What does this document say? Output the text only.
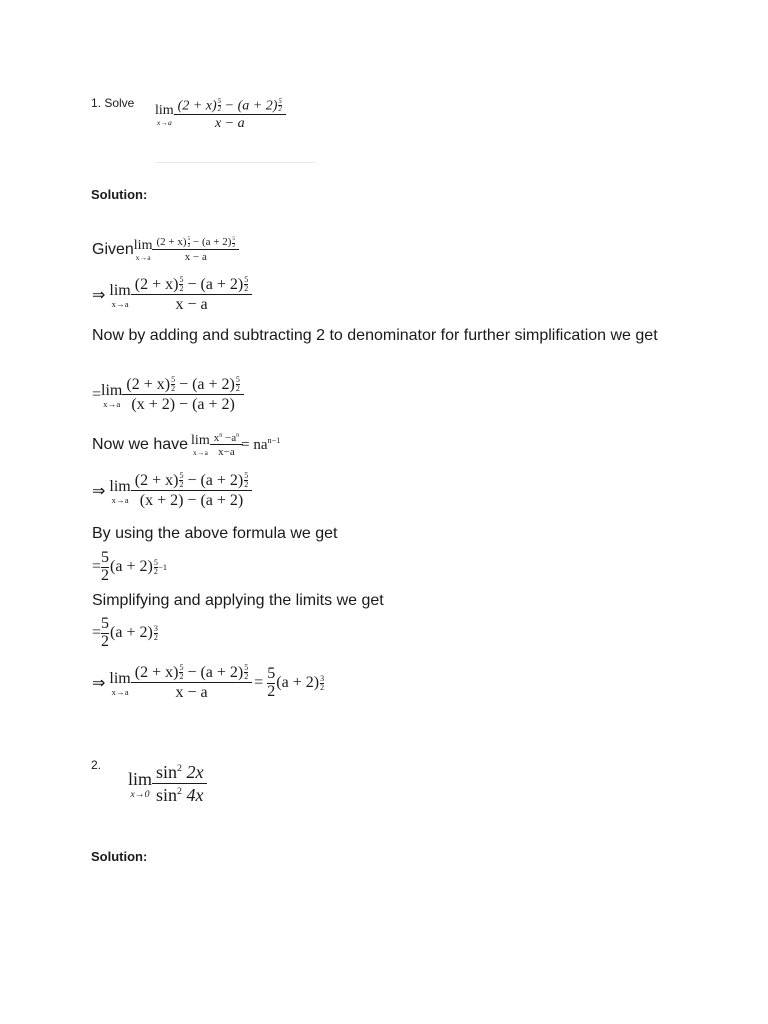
1. Solve
lim
$x\to a \frac{(2 + x) \frac{5}{2} - (a + 2) \frac{5}{2}}{x - a}$
Solution:
Given lim
$x\to a \frac{(2 + x) \frac{5}{2} - (a + 2) \frac{5}{2}}{x - a}$
⇒ lim
$x\to a \frac{(2 + x) \frac{5}{2} - (a + 2) \frac{5}{2}}{x - a}$
Now by adding and subtracting 2 to denominator for further simplification we get
= lim
$x\to a \frac{(2 + x) \frac{5}{2} - (a + 2) \frac{5}{2}}{(x + 2) - (a + 2)}$
Now we have lim
$x\to a \frac{x^n -a^n}{x-a} = na^{n-1}$
⇒ lim
$x\to a \frac{(2 + x) \frac{5}{2} - (a + 2) \frac{5}{2}}{(x + 2) - (a + 2)}$
By using the above formula we get
= $\frac{5}{2} (a + 2)$ 5
2 −1
Simplifying and applying the limits we get
= $\frac{5}{2} (a + 2)$ 3
2
⇒ lim
$x\to a \frac{(2 + x) \frac{5}{2} - (a + 2) \frac{5}{2}}{x - a} = \frac{5}{2} (a + 2)$ 3
2
2.
lim
$x\to 0 \frac{\sin^2 2x}{\sin^2 4x}$
Solution:
